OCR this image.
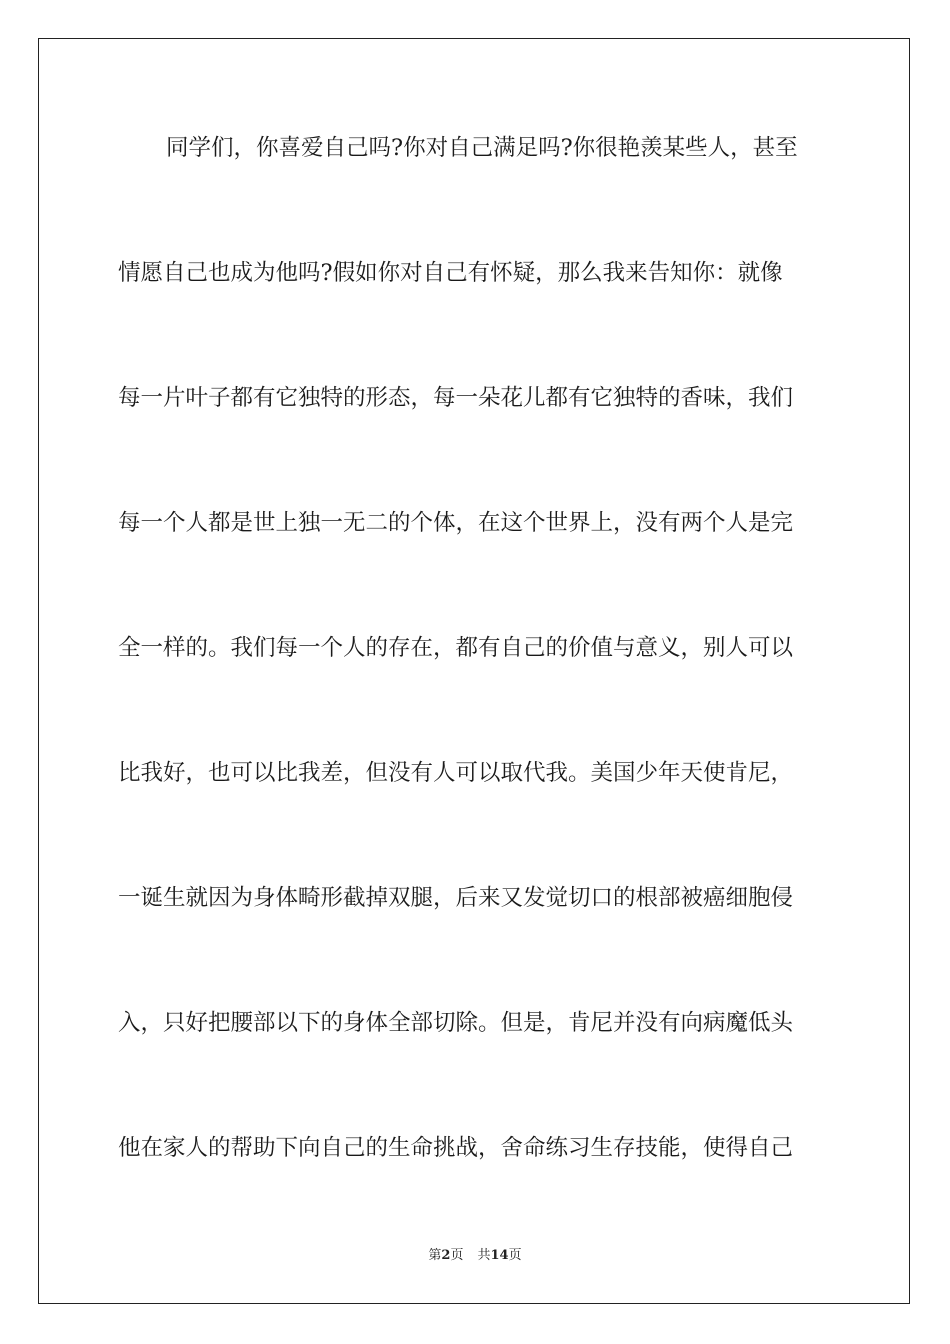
同学们，你喜爱自己吗?你对自己满足吗?你很艳羡某些人，甚至
情愿自己也成为他吗?假如你对自己有怀疑，那么我来告知你：就像
每一片叶子都有它独特的形态，每一朵花儿都有它独特的香味，我们
每一个人都是世上独一无二的个体，在这个世界上，没有两个人是完
全一样的。我们每一个人的存在，都有自己的价值与意义，别人可以
比我好，也可以比我差，但没有人可以取代我。美国少年天使肯尼，
一诞生就因为身体畸形截掉双腿，后来又发觉切口的根部被癌细胞侵
入，只好把腰部以下的身体全部切除。但是，肯尼并没有向病魔低头
他在家人的帮助下向自己的生命挑战，舍命练习生存技能，使得自己
第2页 共14页
